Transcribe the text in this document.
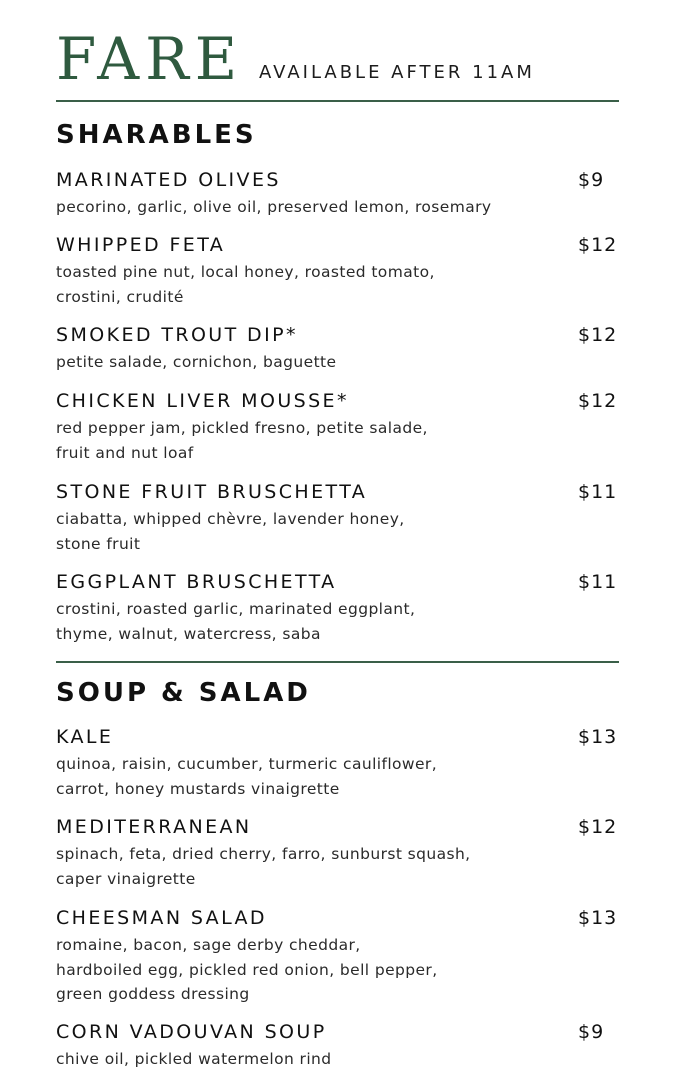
FARE AVAILABLE AFTER 11AM
SHARABLES
MARINATED OLIVES	$9
pecorino, garlic, olive oil, preserved lemon, rosemary
WHIPPED FETA	$12
toasted pine nut, local honey, roasted tomato,
crostini, crudité
SMOKED TROUT DIP*	$12
petite salade, cornichon, baguette
CHICKEN LIVER MOUSSE*	$12
red pepper jam, pickled fresno, petite salade,
fruit and nut loaf
STONE FRUIT BRUSCHETTA	$11
ciabatta, whipped chèvre, lavender honey,
stone fruit
EGGPLANT BRUSCHETTA	$11
crostini, roasted garlic, marinated eggplant,
thyme, walnut, watercress, saba
SOUP & SALAD
KALE	$13
quinoa, raisin, cucumber, turmeric cauliflower,
carrot, honey mustards vinaigrette
MEDITERRANEAN	$12
spinach, feta, dried cherry, farro, sunburst squash,
caper vinaigrette
CHEESMAN SALAD	$13
romaine, bacon, sage derby cheddar,
hardboiled egg, pickled red onion, bell pepper,
green goddess dressing
CORN VADOUVAN SOUP	$9
chive oil, pickled watermelon rind
